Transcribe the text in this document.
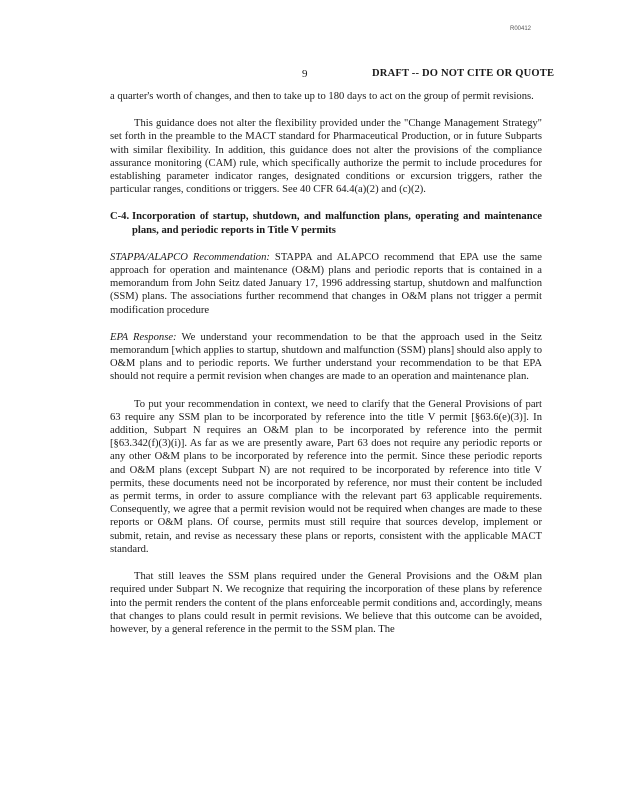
R00412
9	DRAFT -- DO NOT CITE OR QUOTE

a quarter's worth of changes, and then to take up to 180 days to act on the group of permit revisions.

This guidance does not alter the flexibility provided under the "Change Management Strategy" set forth in the preamble to the MACT standard for Pharmaceutical Production, or in future Subparts with similar flexibility. In addition, this guidance does not alter the provisions of the compliance assurance monitoring (CAM) rule, which specifically authorize the permit to include procedures for establishing parameter indicator ranges, designated conditions or excursion triggers, rather the particular ranges, conditions or triggers. See 40 CFR 64.4(a)(2) and (c)(2).

C-4. Incorporation of startup, shutdown, and malfunction plans, operating and maintenance plans, and periodic reports in Title V permits

STAPPA/ALAPCO Recommendation: STAPPA and ALAPCO recommend that EPA use the same approach for operation and maintenance (O&M) plans and periodic reports that is contained in a memorandum from John Seitz dated January 17, 1996 addressing startup, shutdown and malfunction (SSM) plans. The associations further recommend that changes in O&M plans not trigger a permit modification procedure

EPA Response: We understand your recommendation to be that the approach used in the Seitz memorandum [which applies to startup, shutdown and malfunction (SSM) plans] should also apply to O&M plans and to periodic reports. We further understand your recommendation to be that EPA should not require a permit revision when changes are made to an operation and maintenance plan.

To put your recommendation in context, we need to clarify that the General Provisions of part 63 require any SSM plan to be incorporated by reference into the title V permit [§63.6(e)(3)]. In addition, Subpart N requires an O&M plan to be incorporated by reference into the permit [§63.342(f)(3)(i)]. As far as we are presently aware, Part 63 does not require any periodic reports or any other O&M plans to be incorporated by reference into the permit. Since these periodic reports and O&M plans (except Subpart N) are not required to be incorporated by reference into title V permits, these documents need not be incorporated by reference, nor must their content be included as permit terms, in order to assure compliance with the relevant part 63 applicable requirements. Consequently, we agree that a permit revision would not be required when changes are made to these reports or O&M plans. Of course, permits must still require that sources develop, implement or submit, retain, and revise as necessary these plans or reports, consistent with the applicable MACT standard.

That still leaves the SSM plans required under the General Provisions and the O&M plan required under Subpart N. We recognize that requiring the incorporation of these plans by reference into the permit renders the content of the plans enforceable permit conditions and, accordingly, means that changes to plans could result in permit revisions. We believe that this outcome can be avoided, however, by a general reference in the permit to the SSM plan. The
